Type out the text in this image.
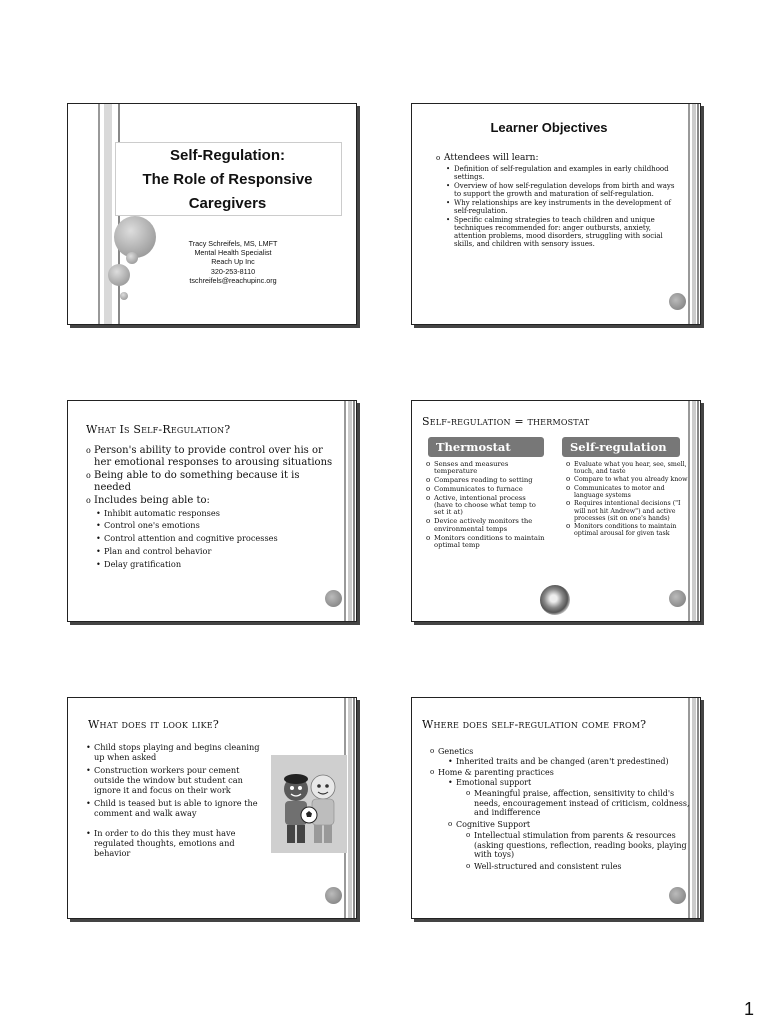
Self-Regulation:
The Role of Responsive
Caregivers
Tracy Schreifels, MS, LMFT
Mental Health Specialist
Reach Up Inc
320-253-8110
tschreifels@reachupinc.org
Learner Objectives
o Attendees will learn:
• Definition of self-regulation and examples in early childhood settings.
• Overview of how self-regulation develops from birth and ways to support the growth and maturation of self-regulation.
• Why relationships are key instruments in the development of self-regulation.
• Specific calming strategies to teach children and unique techniques recommended for: anger outbursts, anxiety, attention problems, mood disorders, struggling with social skills, and children with sensory issues.
What Is Self-Regulation?
o Person's ability to provide control over his or her emotional responses to arousing situations
o Being able to do something because it is needed
o Includes being able to:
• Inhibit automatic responses
• Control one's emotions
• Control attention and cognitive processes
• Plan and control behavior
• Delay gratification
Self-regulation = thermostat
Thermostat	Self-regulation
o Senses and measures temperature
o Compares reading to setting
o Communicates to furnace
o Active, intentional process (have to choose what temp to set it at)
o Device actively monitors the environmental temps
o Monitors conditions to maintain optimal temp
o Evaluate what you hear, see, smell, touch, and taste
o Compare to what you already know
o Communicates to motor and language systems
o Requires intentional decisions ("I will not hit Andrew") and active processes (sit on one's hands)
o Monitors conditions to maintain optimal arousal for given task
What does it look like?
• Child stops playing and begins cleaning up when asked
• Construction workers pour cement outside the window but student can ignore it and focus on their work
• Child is teased but is able to ignore the comment and walk away
• In order to do this they must have regulated thoughts, emotions and behavior
Where does self-regulation come from?
o Genetics
• Inherited traits and be changed (aren't predestined)
o Home & parenting practices
• Emotional support
o Meaningful praise, affection, sensitivity to child's needs, encouragement instead of criticism, coldness, and indifference
o Cognitive Support
o Intellectual stimulation from parents & resources (asking questions, reflection, reading books, playing with toys)
o Well-structured and consistent rules
1
